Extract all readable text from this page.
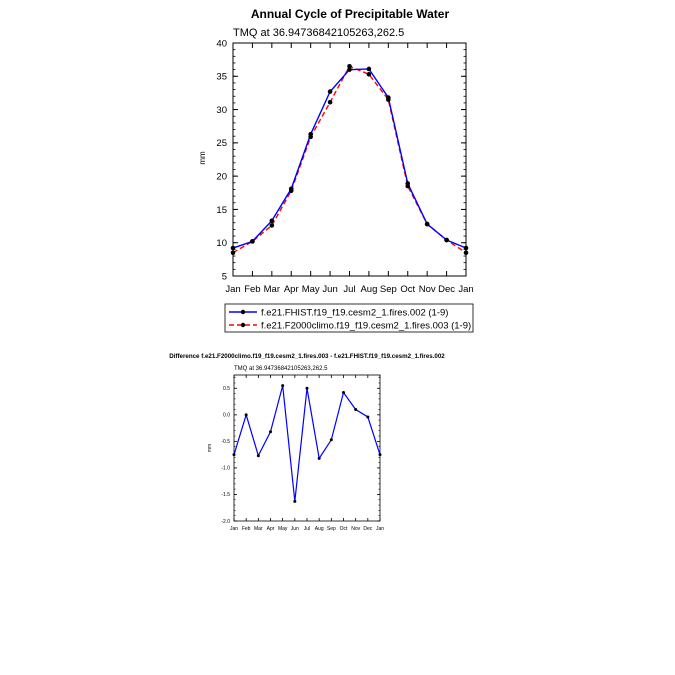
Annual Cycle of Precipitable Water
TMQ at 36.94736842105263,262.5
mm
5
10
15
20
25
30
35
40
Jan Feb Mar Apr May Jun Jul Aug Sep Oct Nov Dec Jan
f.e21.FHIST.f19_f19.cesm2_1.fires.002 (1-9)
f.e21.F2000climo.f19_f19.cesm2_1.fires.003 (1-9)
Difference f.e21.F2000climo.f19_f19.cesm2_1.fires.003 - f.e21.FHIST.f19_f19.cesm2_1.fires.002
TMQ at 36.94736842105263,262.5
mm
0.5
0.0
-0.5
-1.0
-1.5
-2.0
Jan Feb Mar Apr May Jun Jul Aug Sep Oct Nov Dec Jan
